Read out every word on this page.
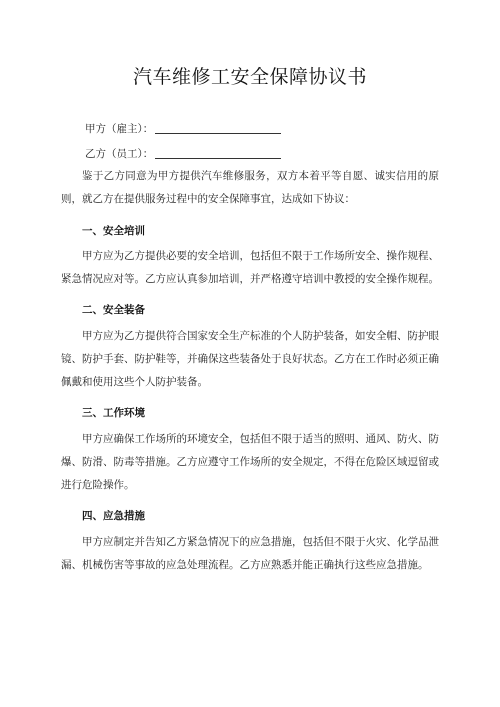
汽车维修工安全保障协议书
甲方（雇主）：
乙方（员工）：

鉴于乙方同意为甲方提供汽车维修服务，双方本着平等自愿、诚实信用的原则，就乙方在提供服务过程中的安全保障事宜，达成如下协议：

一、安全培训

甲方应为乙方提供必要的安全培训，包括但不限于工作场所安全、操作规程、紧急情况应对等。乙方应认真参加培训，并严格遵守培训中教授的安全操作规程。

二、安全装备

甲方应为乙方提供符合国家安全生产标准的个人防护装备，如安全帽、防护眼镜、防护手套、防护鞋等，并确保这些装备处于良好状态。乙方在工作时必须正确佩戴和使用这些个人防护装备。

三、工作环境

甲方应确保工作场所的环境安全，包括但不限于适当的照明、通风、防火、防爆、防滑、防毒等措施。乙方应遵守工作场所的安全规定，不得在危险区域逗留或进行危险操作。

四、应急措施

甲方应制定并告知乙方紧急情况下的应急措施，包括但不限于火灾、化学品泄漏、机械伤害等事故的应急处理流程。乙方应熟悉并能正确执行这些应急措施。
